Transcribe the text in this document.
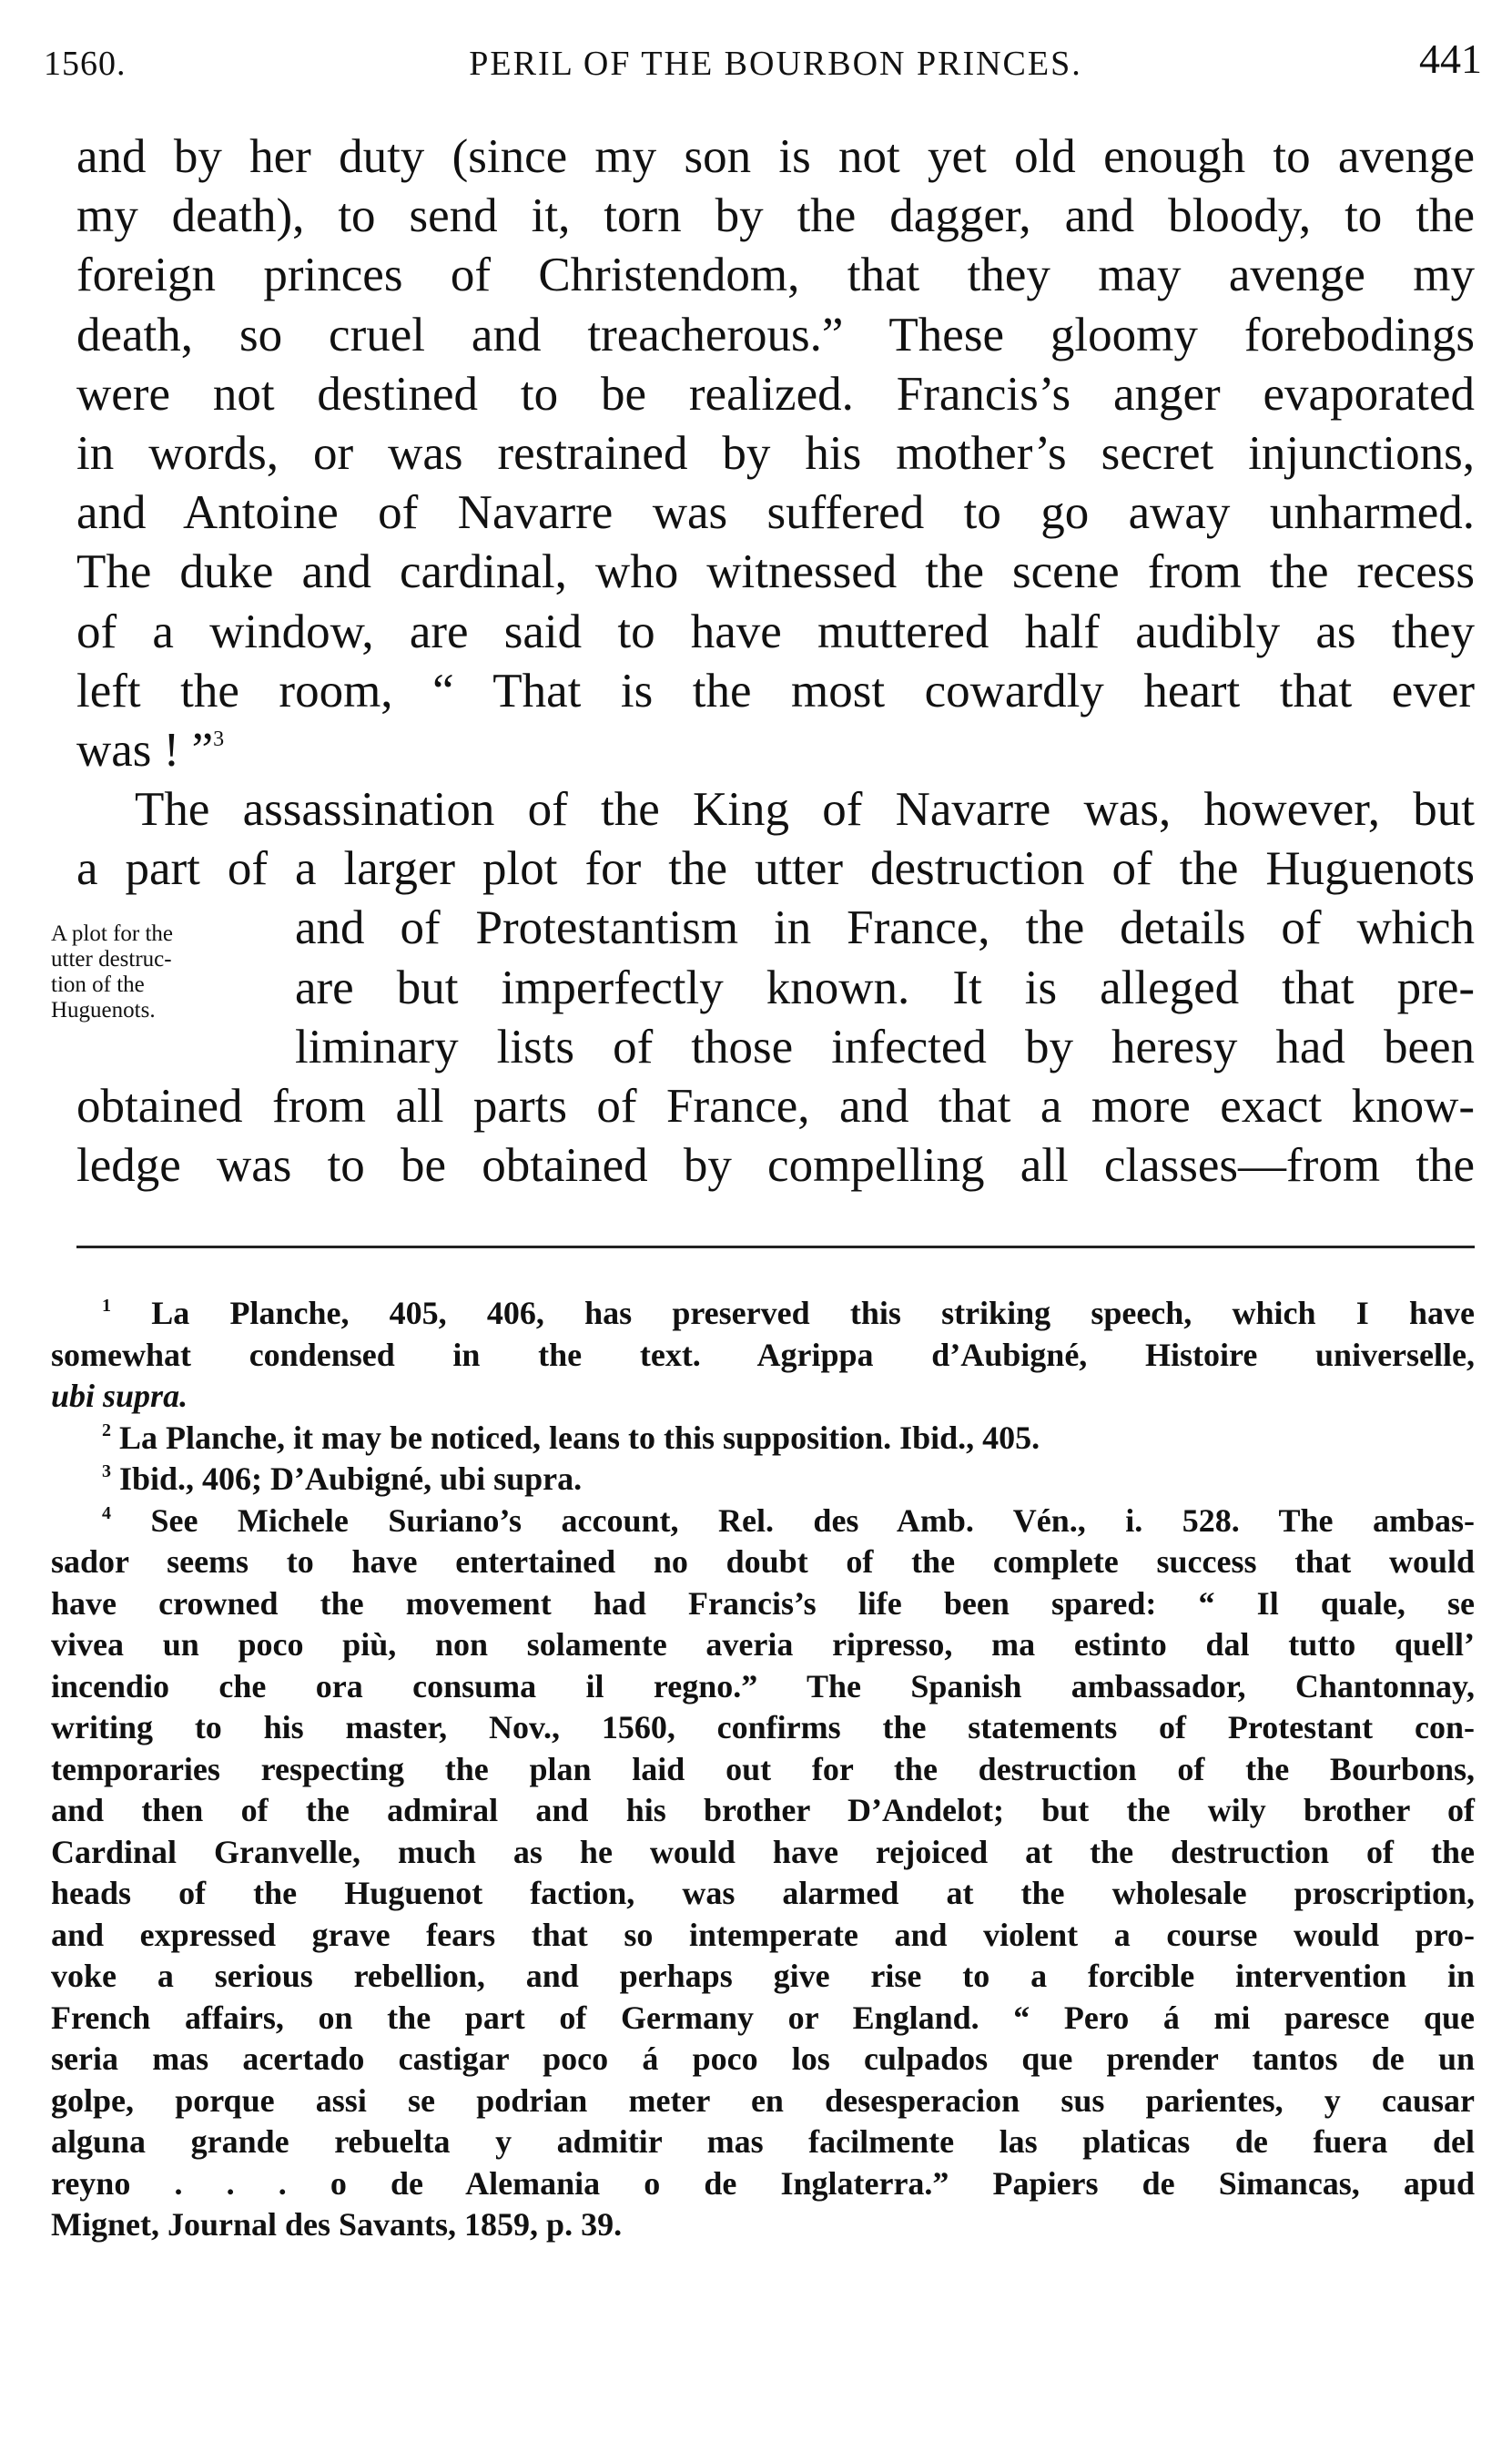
1560.	PERIL OF THE BOURBON PRINCES.	441
and by her duty (since my son is not yet old enough to avenge
my death), to send it, torn by the dagger, and bloody, to the
foreign princes of Christendom, that they may avenge my
death, so cruel and treacherous.” These gloomy forebodings
were not destined to be realized. Francis’s anger evaporated
in words, or was restrained by his mother’s secret injunctions,
and Antoine of Navarre was suffered to go away unharmed.
The duke and cardinal, who witnessed the scene from the recess
of a window, are said to have muttered half audibly as they
left the room, “ That is the most cowardly heart that ever
was ! ”$^3$
The assassination of the King of Navarre was, however, but
a part of a larger plot for the utter destruction of the Huguenots
and of Protestantism in France, the details of which
are but imperfectly known. It is alleged that pre-
liminary lists of those infected by heresy had been
obtained from all parts of France, and that a more exact know-
ledge was to be obtained by compelling all classes—from the
A plot for the
utter destruc-
tion of the
Huguenots.
$^1$ La Planche, 405, 406, has preserved this striking speech, which I have
somewhat condensed in the text. Agrippa d’Aubigné, Histoire universelle,
ubi supra.
$^2$ La Planche, it may be noticed, leans to this supposition. Ibid., 405.
$^3$ Ibid., 406; D’Aubigné, ubi supra.
$^4$ See Michele Suriano’s account, Rel. des Amb. Vén., i. 528. The ambas-
sador seems to have entertained no doubt of the complete success that would
have crowned the movement had Francis’s life been spared: “ Il quale, se
vivea un poco più, non solamente averia ripresso, ma estinto dal tutto quell’
incendio che ora consuma il regno.” The Spanish ambassador, Chantonnay,
writing to his master, Nov., 1560, confirms the statements of Protestant con-
temporaries respecting the plan laid out for the destruction of the Bourbons,
and then of the admiral and his brother D’Andelot; but the wily brother of
Cardinal Granvelle, much as he would have rejoiced at the destruction of the
heads of the Huguenot faction, was alarmed at the wholesale proscription,
and expressed grave fears that so intemperate and violent a course would pro-
voke a serious rebellion, and perhaps give rise to a forcible intervention in
French affairs, on the part of Germany or England. “ Pero á mi paresce que
seria mas acertado castigar poco á poco los culpados que prender tantos de un
golpe, porque assi se podrian meter en desesperacion sus parientes, y causar
alguna grande rebuelta y admitir mas facilmente las platicas de fuera del
reyno . . . o de Alemania o de Inglaterra.” Papiers de Simancas, apud
Mignet, Journal des Savants, 1859, p. 39.
